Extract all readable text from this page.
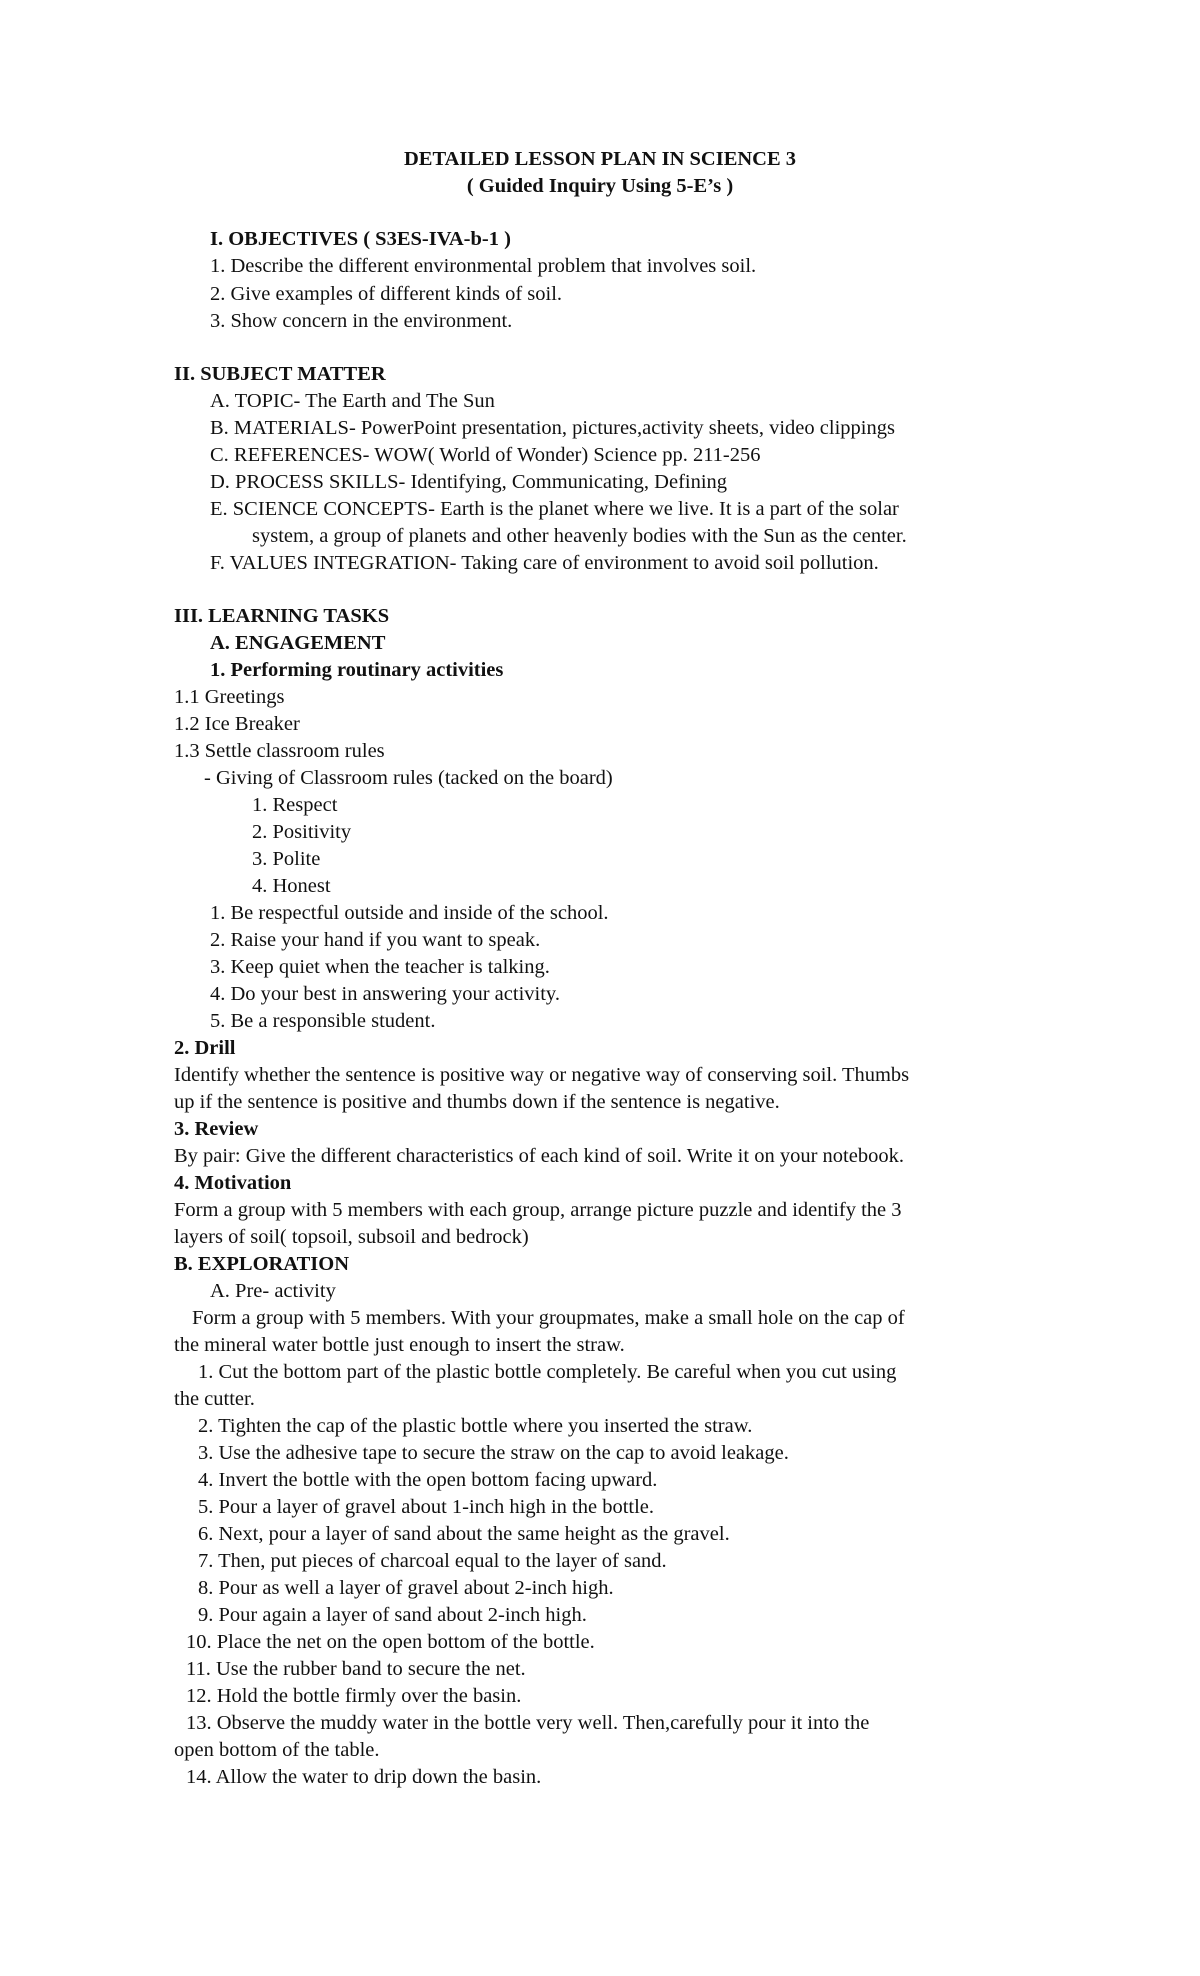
DETAILED LESSON PLAN IN SCIENCE 3
( Guided Inquiry Using 5-E’s )
I. OBJECTIVES ( S3ES-IVA-b-1 )
1. Describe the different environmental problem that involves soil.
2. Give examples of different kinds of soil.
3. Show concern in the environment.
II. SUBJECT MATTER
A. TOPIC- The Earth and The Sun
B. MATERIALS- PowerPoint presentation, pictures,activity sheets, video clippings
C. REFERENCES- WOW( World of Wonder) Science pp. 211-256
D. PROCESS SKILLS- Identifying, Communicating, Defining
E. SCIENCE CONCEPTS- Earth is the planet where we live. It is a part of the solar
system, a group of planets and other heavenly bodies with the Sun as the center.
F. VALUES INTEGRATION- Taking care of environment to avoid soil pollution.
III. LEARNING TASKS
A. ENGAGEMENT
1. Performing routinary activities
1.1 Greetings
1.2 Ice Breaker
1.3 Settle classroom rules
- Giving of Classroom rules (tacked on the board)
1. Respect
2. Positivity
3. Polite
4. Honest
1. Be respectful outside and inside of the school.
2. Raise your hand if you want to speak.
3. Keep quiet when the teacher is talking.
4. Do your best in answering your activity.
5. Be a responsible student.
2. Drill
Identify whether the sentence is positive way or negative way of conserving soil. Thumbs
up if the sentence is positive and thumbs down if the sentence is negative.
3. Review
By pair: Give the different characteristics of each kind of soil. Write it on your notebook.
4. Motivation
Form a group with 5 members with each group, arrange picture puzzle and identify the 3
layers of soil( topsoil, subsoil and bedrock)
B. EXPLORATION
A. Pre- activity
Form a group with 5 members. With your groupmates, make a small hole on the cap of
the mineral water bottle just enough to insert the straw.
1. Cut the bottom part of the plastic bottle completely. Be careful when you cut using
the cutter.
2. Tighten the cap of the plastic bottle where you inserted the straw.
3. Use the adhesive tape to secure the straw on the cap to avoid leakage.
4. Invert the bottle with the open bottom facing upward.
5. Pour a layer of gravel about 1-inch high in the bottle.
6. Next, pour a layer of sand about the same height as the gravel.
7. Then, put pieces of charcoal equal to the layer of sand.
8. Pour as well a layer of gravel about 2-inch high.
9. Pour again a layer of sand about 2-inch high.
10. Place the net on the open bottom of the bottle.
11. Use the rubber band to secure the net.
12. Hold the bottle firmly over the basin.
13. Observe the muddy water in the bottle very well. Then,carefully pour it into the
open bottom of the table.
14. Allow the water to drip down the basin.
